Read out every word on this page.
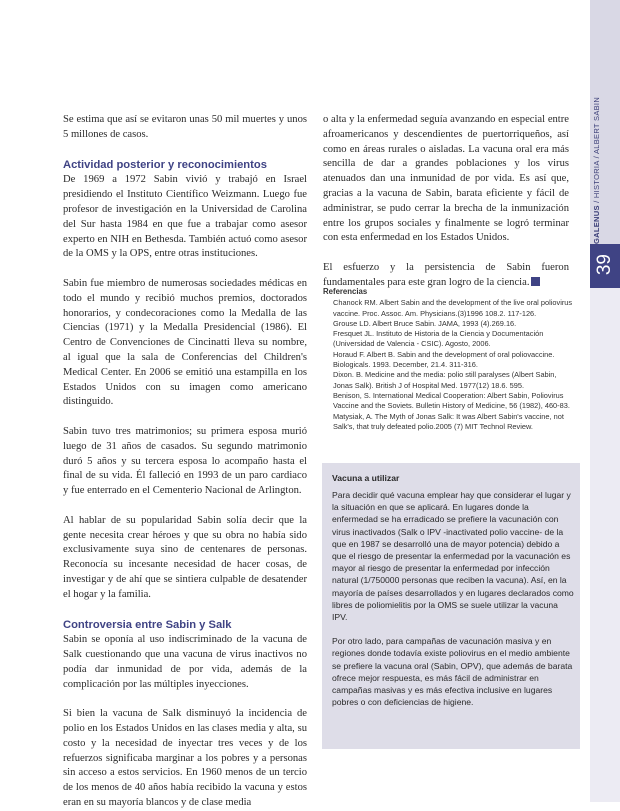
GALENUS / HISTORIA / ALBERT SABIN
39

Se estima que así se evitaron unas 50 mil muertes y unos 5 millones de casos.

Actividad posterior y reconocimientos

De 1969 a 1972 Sabin vivió y trabajó en Israel presidiendo el Instituto Científico Weizmann. Luego fue profesor de investigación en la Universidad de Carolina del Sur hasta 1984 en que fue a trabajar como asesor experto en NIH en Bethesda. También actuó como asesor de la OMS y la OPS, entre otras instituciones.

Sabin fue miembro de numerosas sociedades médicas en todo el mundo y recibió muchos premios, doctorados honorarios, y condecoraciones como la Medalla de las Ciencias (1971) y la Medalla Presidencial (1986). El Centro de Convenciones de Cincinatti lleva su nombre, al igual que la sala de Conferencias del Children's Medical Center. En 2006 se emitió una estampilla en los Estados Unidos con su imagen como americano distinguido.

Sabin tuvo tres matrimonios; su primera esposa murió luego de 31 años de casados. Su segundo matrimonio duró 5 años y su tercera esposa lo acompaño hasta el final de su vida. Él falleció en 1993 de un paro cardiaco y fue enterrado en el Cementerio Nacional de Arlington.

Al hablar de su popularidad Sabin solía decir que la gente necesita crear héroes y que su obra no había sido exclusivamente suya sino de centenares de personas. Reconocía su incesante necesidad de hacer cosas, de investigar y de ahí que se sintiera culpable de desatender el hogar y la familia.

Controversia entre Sabin y Salk

Sabin se oponía al uso indiscriminado de la vacuna de Salk cuestionando que una vacuna de virus inactivos no podía dar inmunidad de por vida, además de la complicación por las múltiples inyecciones.

Si bien la vacuna de Salk disminuyó la incidencia de polio en los Estados Unidos en las clases media y alta, su costo y la necesidad de inyectar tres veces y de los refuerzos significaba marginar a los pobres y a personas sin acceso a estos servicios. En 1960 menos de un tercio de los menos de 40 años había recibido la vacuna y estos eran en su mayoría blancos y de clase media

o alta y la enfermedad seguía avanzando en especial entre afroamericanos y descendientes de puertorriqueños, así como en áreas rurales o aisladas. La vacuna oral era más sencilla de dar a grandes poblaciones y los virus atenuados dan una inmunidad de por vida. Es así que, gracias a la vacuna de Sabin, barata eficiente y fácil de administrar, se pudo cerrar la brecha de la inmunización entre los grupos sociales y finalmente se logró terminar con esta enfermedad en los Estados Unidos.

El esfuerzo y la persistencia de Sabin fueron fundamentales para este gran logro de la ciencia.

Referencias
Chanock RM. Albert Sabin and the development of the live oral poliovirus vaccine. Proc. Assoc. Am. Physicians.(3)1996 108.2. 117-126.
Grouse LD. Albert Bruce Sabin. JAMA, 1993 (4).269.16.
Fresquet JL. Instituto de Historia de la Ciencia y Documentación (Universidad de Valencia - CSIC). Agosto, 2006.
Horaud F. Albert B. Sabin and the development of oral poliovaccine. Biologicals. 1993. December, 21.4. 311-316.
Dixon. B. Medicine and the media: polio still paralyses (Albert Sabin, Jonas Salk). British J of Hospital Med. 1977(12) 18.6. 595.
Benison, S. International Medical Cooperation: Albert Sabin, Poliovirus Vaccine and the Soviets. Bulletin History of Medicine, 56 (1982), 460-83.
Matysiak, A. The Myth of Jonas Salk: It was Albert Sabin's vaccine, not Salk's, that truly defeated polio.2005 (7) MIT Technol Review.
Vacuna a utilizar

Para decidir qué vacuna emplear hay que considerar el lugar y la situación en que se aplicará. En lugares donde la enfermedad se ha erradicado se prefiere la vacunación con virus inactivados (Salk o IPV -inactivated polio vaccine- de la que en 1987 se desarrolló una de mayor potencia) debido a que el riesgo de presentar la enfermedad por la vacunación es mayor al riesgo de presentar la enfermedad por infección natural (1/750000 personas que reciben la vacuna). Así, en la mayoría de países desarrollados y en lugares declarados como libres de poliomielitis por la OMS se suele utilizar la vacuna IPV.

Por otro lado, para campañas de vacunación masiva y en regiones donde todavía existe poliovirus en el medio ambiente se prefiere la vacuna oral (Sabin, OPV), que además de barata ofrece mejor respuesta, es más fácil de administrar en campañas masivas y es más efectiva inclusive en lugares pobres o con deficiencias de higiene.
